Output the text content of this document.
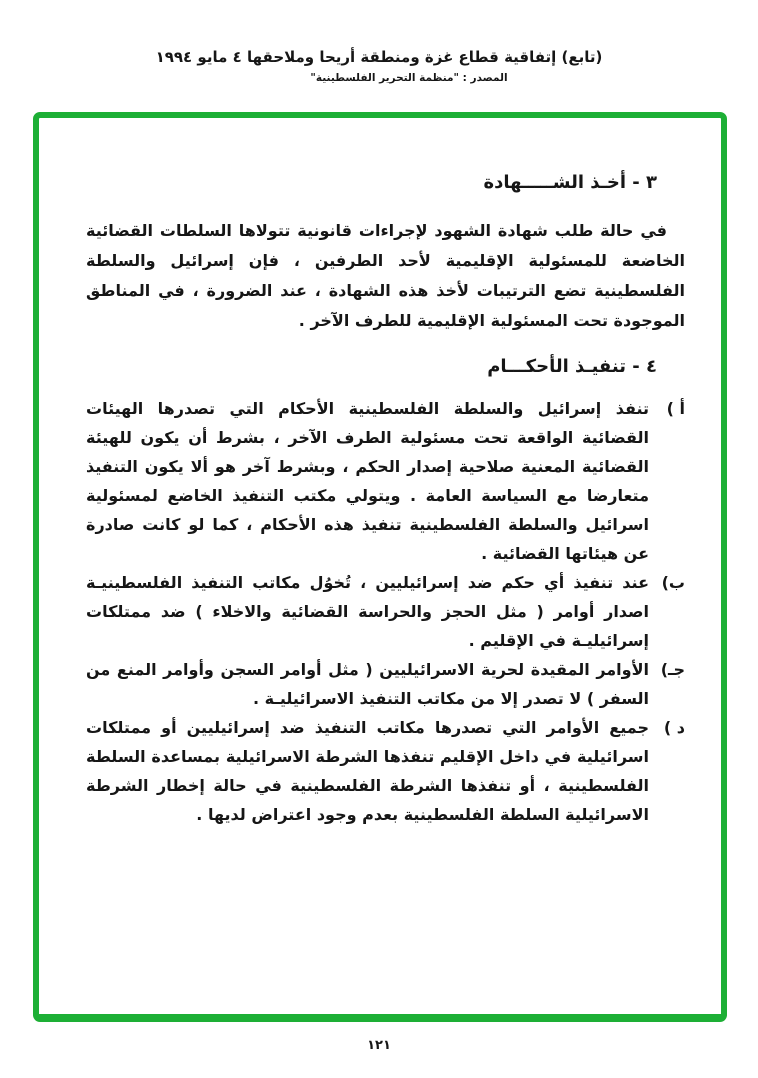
(تابع) إتفاقية قطاع غزة ومنطقة أريحا وملاحقها ٤ مايو ١٩٩٤
المصدر : "منظمة التحرير الفلسطينية"
٣ - أخـذ الشـــــهادة

في حالة طلب شهادة الشهود لإجراءات قانونية تتولاها السلطات القضائية الخاضعة للمسئولية الإقليمية لأحد الطرفين ، فإن إسرائيل والسلطة الفلسطينية تضع الترتيبات لأخذ هذه الشهادة ، عند الضرورة ، في المناطق الموجودة تحت المسئولية الإقليمية للطرف الآخر .

٤ - تنفيـذ الأحكـــام
أ )
تنفذ إسرائيل والسلطة الفلسطينية الأحكام التي تصدرها الهيئات القضائية الواقعة تحت مسئولية الطرف الآخر ، بشرط أن يكون للهيئة القضائية المعنية صلاحية إصدار الحكم ، وبشرط آخر هو ألا يكون التنفيذ متعارضا مع السياسة العامة . ويتولي مكتب التنفيذ الخاضع لمسئولية اسرائيل والسلطة الفلسطينية تنفيذ هذه الأحكام ، كما لو كانت صادرة عن هيئاتها القضائية .
ب)
عند تنفيذ أي حكم ضد إسرائيليين ، تُخوُل مكاتب التنفيذ الفلسطينيـة اصدار أوامر ( مثل الحجز والحراسة القضائية والاخلاء ) ضد ممتلكات إسرائيليـة في الإقليم .
جـ)
الأوامر المقيدة لحرية الاسرائيليين ( مثل أوامر السجن وأوامر المنع من السفر ) لا تصدر إلا من مكاتب التنفيذ الاسرائيليـة .
د )
جميع الأوامر التي تصدرها مكاتب التنفيذ ضد إسرائيليين أو ممتلكات اسرائيلية في داخل الإقليم تنفذها الشرطة الاسرائيلية بمساعدة السلطة الفلسطينية ، أو تنفذها الشرطة الفلسطينية في حالة إخطار الشرطة الاسرائيلية السلطة الفلسطينية بعدم وجود اعتراض لديها .
١٢١
